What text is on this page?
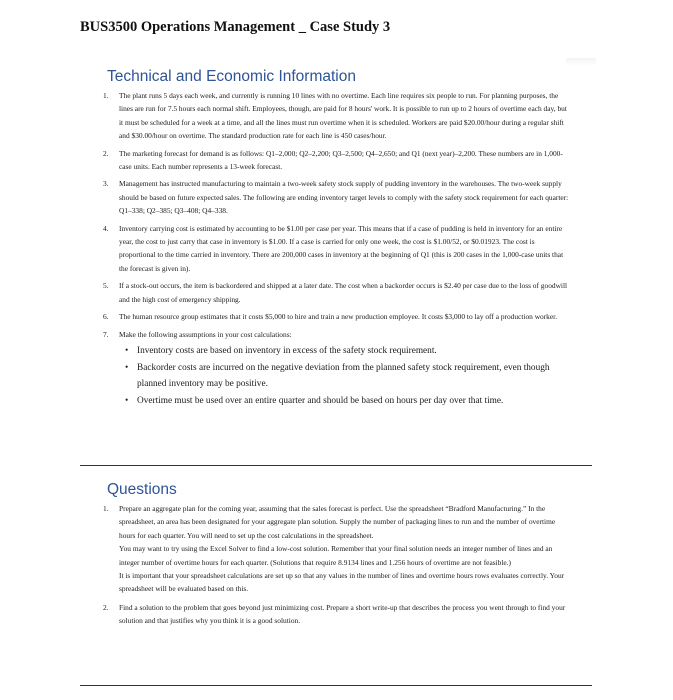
BUS3500 Operations Management _ Case Study 3
Technical and Economic Information
1. The plant runs 5 days each week, and currently is running 10 lines with no overtime. Each line requires six people to run. For planning purposes, the lines are run for 7.5 hours each normal shift. Employees, though, are paid for 8 hours' work. It is possible to run up to 2 hours of overtime each day, but it must be scheduled for a week at a time, and all the lines must run overtime when it is scheduled. Workers are paid $20.00/hour during a regular shift and $30.00/hour on overtime. The standard production rate for each line is 450 cases/hour.
2. The marketing forecast for demand is as follows: Q1–2,000; Q2–2,200; Q3–2,500; Q4–2,650; and Q1 (next year)–2,200. These numbers are in 1,000-case units. Each number represents a 13-week forecast.
3. Management has instructed manufacturing to maintain a two-week safety stock supply of pudding inventory in the warehouses. The two-week supply should be based on future expected sales. The following are ending inventory target levels to comply with the safety stock requirement for each quarter: Q1–338; Q2–385; Q3–408; Q4–338.
4. Inventory carrying cost is estimated by accounting to be $1.00 per case per year. This means that if a case of pudding is held in inventory for an entire year, the cost to just carry that case in inventory is $1.00. If a case is carried for only one week, the cost is $1.00/52, or $0.01923. The cost is proportional to the time carried in inventory. There are 200,000 cases in inventory at the beginning of Q1 (this is 200 cases in the 1,000-case units that the forecast is given in).
5. If a stock-out occurs, the item is backordered and shipped at a later date. The cost when a backorder occurs is $2.40 per case due to the loss of goodwill and the high cost of emergency shipping.
6. The human resource group estimates that it costs $5,000 to hire and train a new production employee. It costs $3,000 to lay off a production worker.
7. Make the following assumptions in your cost calculations:
• Inventory costs are based on inventory in excess of the safety stock requirement.
• Backorder costs are incurred on the negative deviation from the planned safety stock requirement, even though planned inventory may be positive.
• Overtime must be used over an entire quarter and should be based on hours per day over that time.
Questions
1. Prepare an aggregate plan for the coming year, assuming that the sales forecast is perfect. Use the spreadsheet “Bradford Manufacturing.” In the spreadsheet, an area has been designated for your aggregate plan solution. Supply the number of packaging lines to run and the number of overtime hours for each quarter. You will need to set up the cost calculations in the spreadsheet.

You may want to try using the Excel Solver to find a low-cost solution. Remember that your final solution needs an integer number of lines and an integer number of overtime hours for each quarter. (Solutions that require 8.9134 lines and 1.256 hours of overtime are not feasible.)

It is important that your spreadsheet calculations are set up so that any values in the number of lines and overtime hours rows evaluates correctly. Your spreadsheet will be evaluated based on this.

2. Find a solution to the problem that goes beyond just minimizing cost. Prepare a short write-up that describes the process you went through to find your solution and that justifies why you think it is a good solution.
